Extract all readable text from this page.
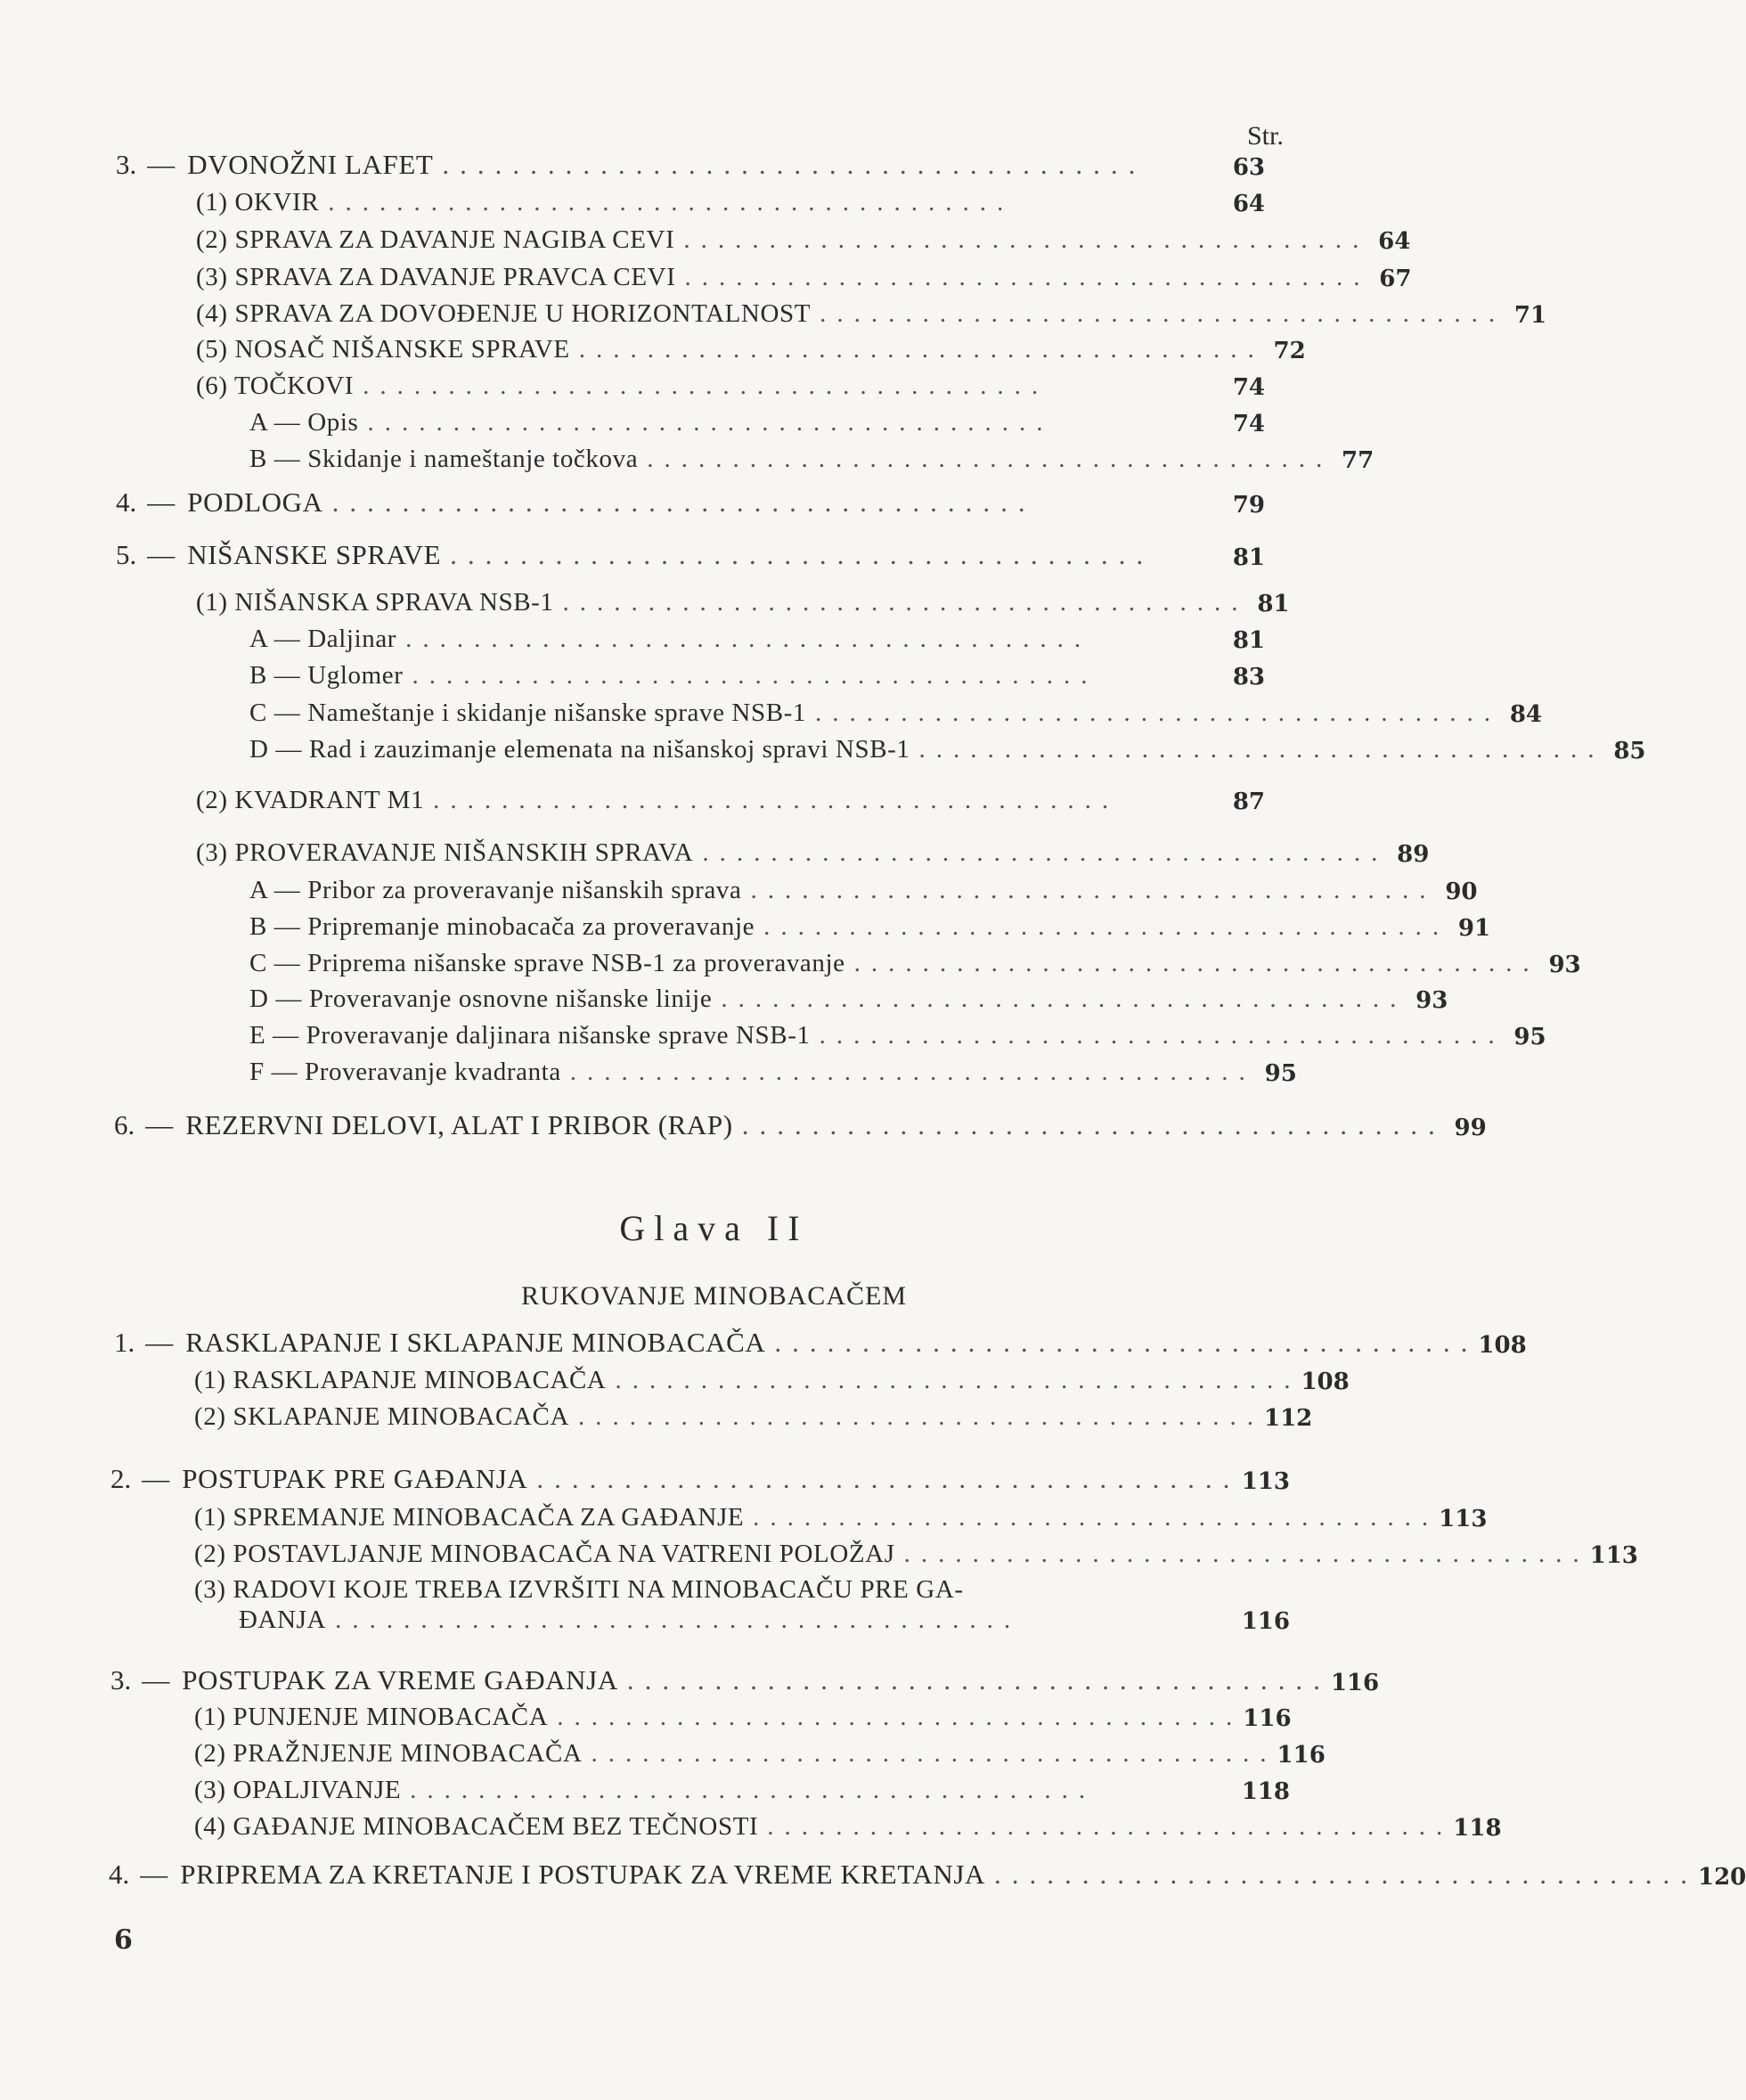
Str.
3. — DVONOŽNI LAFET ........................................	63
(1) OKVIR ........................................	64
(2) SPRAVA ZA DAVANJE NAGIBA CEVI ........................................ 64
(3) SPRAVA ZA DAVANJE PRAVCA CEVI ........................................ 67
(4) SPRAVA ZA DOVOĐENJE U HORIZONTALNOST ........................................ 71
(5) NOSAČ NIŠANSKE SPRAVE ........................................ 72
(6) TOČKOVI ........................................	74
A — Opis ........................................	74
B — Skidanje i nameštanje točkova ........................................ 77
4. — PODLOGA ........................................	79
5. — NIŠANSKE SPRAVE ........................................	81
(1) NIŠANSKA SPRAVA NSB-1 ........................................ 81
A — Daljinar ........................................	81
B — Uglomer ........................................	83
C — Nameštanje i skidanje nišanske sprave NSB-1 ........................................ 84
D — Rad i zauzimanje elemenata na nišanskoj spravi NSB-1 ........................................ 85
(2) KVADRANT M1 ........................................	87
(3) PROVERAVANJE NIŠANSKIH SPRAVA ........................................ 89
A — Pribor za proveravanje nišanskih sprava ........................................ 90
B — Pripremanje minobacača za proveravanje ........................................ 91
C — Priprema nišanske sprave NSB-1 za proveravanje ........................................ 93
D — Proveravanje osnovne nišanske linije ........................................ 93
E — Proveravanje daljinara nišanske sprave NSB-1 ........................................ 95
F — Proveravanje kvadranta ........................................ 95
6. — REZERVNI DELOVI, ALAT I PRIBOR (RAP) ........................................ 99
Glava II
RUKOVANJE MINOBACAČEM
1. — RASKLAPANJE I SKLAPANJE MINOBACAČA ........................................ 108
(1) RASKLAPANJE MINOBACAČA ........................................ 108
(2) SKLAPANJE MINOBACAČA ........................................ 112
2. — POSTUPAK PRE GAĐANJA ........................................ 113
(1) SPREMANJE MINOBACAČA ZA GAĐANJE ........................................ 113
(2) POSTAVLJANJE MINOBACAČA NA VATRENI POLOŽAJ ........................................ 113
(3) RADOVI KOJE TREBA IZVRŠITI NA MINOBACAČU PRE GA-
ĐANJA ........................................	116
3. — POSTUPAK ZA VREME GAĐANJA ........................................ 116
(1) PUNJENJE MINOBACAČA ........................................ 116
(2) PRAŽNJENJE MINOBACAČA ........................................ 116
(3) OPALJIVANJE ........................................	118
(4) GAĐANJE MINOBACAČEM BEZ TEČNOSTI ........................................ 118
4. — PRIPREMA ZA KRETANJE I POSTUPAK ZA VREME KRETANJA ........................................ 120
6
